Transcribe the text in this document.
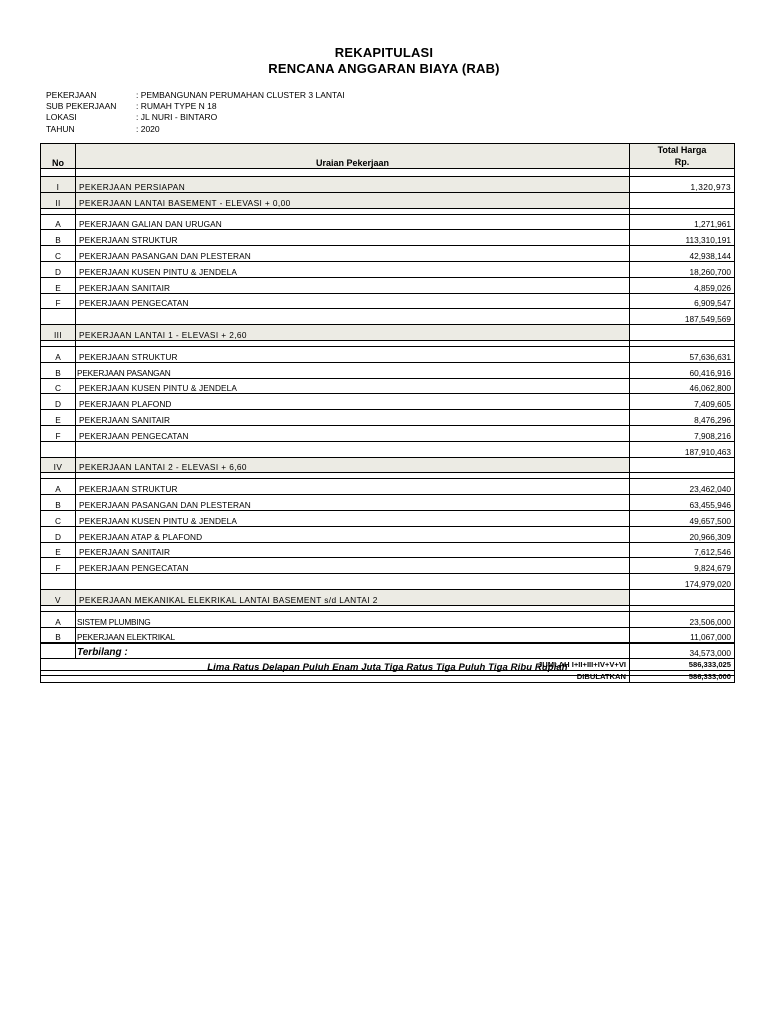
REKAPITULASI
RENCANA ANGGARAN BIAYA (RAB)
PEKERJAAN	: PEMBANGUNAN PERUMAHAN CLUSTER 3 LANTAI
SUB PEKERJAAN	: RUMAH TYPE N 18
LOKASI	: JL NURI - BINTARO
TAHUN	: 2020
No	Uraian Pekerjaan	Total Harga
Rp.

I	PEKERJAAN PERSIAPAN	1,320,973
II	PEKERJAAN LANTAI BASEMENT - ELEVASI + 0,00	

A	PEKERJAAN GALIAN DAN URUGAN	1,271,961
B	PEKERJAAN STRUKTUR	113,310,191
C	PEKERJAAN PASANGAN DAN PLESTERAN	42,938,144
D	PEKERJAAN KUSEN PINTU & JENDELA	18,260,700
E	PEKERJAAN SANITAIR	4,859,026
F	PEKERJAAN PENGECATAN	6,909,547
		187,549,569
III	PEKERJAAN LANTAI 1 - ELEVASI + 2,60	

A	PEKERJAAN STRUKTUR	57,636,631
B	PEKERJAAN PASANGAN	60,416,916
C	PEKERJAAN KUSEN PINTU & JENDELA	46,062,800
D	PEKERJAAN PLAFOND	7,409,605
E	PEKERJAAN SANITAIR	8,476,296
F	PEKERJAAN PENGECATAN	7,908,216
		187,910,463
IV	PEKERJAAN LANTAI 2 - ELEVASI + 6,60	

A	PEKERJAAN STRUKTUR	23,462,040
B	PEKERJAAN PASANGAN DAN PLESTERAN	63,455,946
C	PEKERJAAN KUSEN PINTU & JENDELA	49,657,500
D	PEKERJAAN ATAP & PLAFOND	20,966,309
E	PEKERJAAN SANITAIR	7,612,546
F	PEKERJAAN PENGECATAN	9,824,679
		174,979,020
V	PEKERJAAN MEKANIKAL ELEKRIKAL LANTAI BASEMENT s/d LANTAI 2	

A	SISTEM PLUMBING	23,506,000
B	PEKERJAAN ELEKTRIKAL	11,067,000
		34,573,000
JUMLAH I+II+III+IV+V+VI		586,333,025
DIBULATKAN		586,333,000
Terbilang :
Lima Ratus Delapan Puluh Enam Juta Tiga Ratus Tiga Puluh Tiga Ribu Rupiah
